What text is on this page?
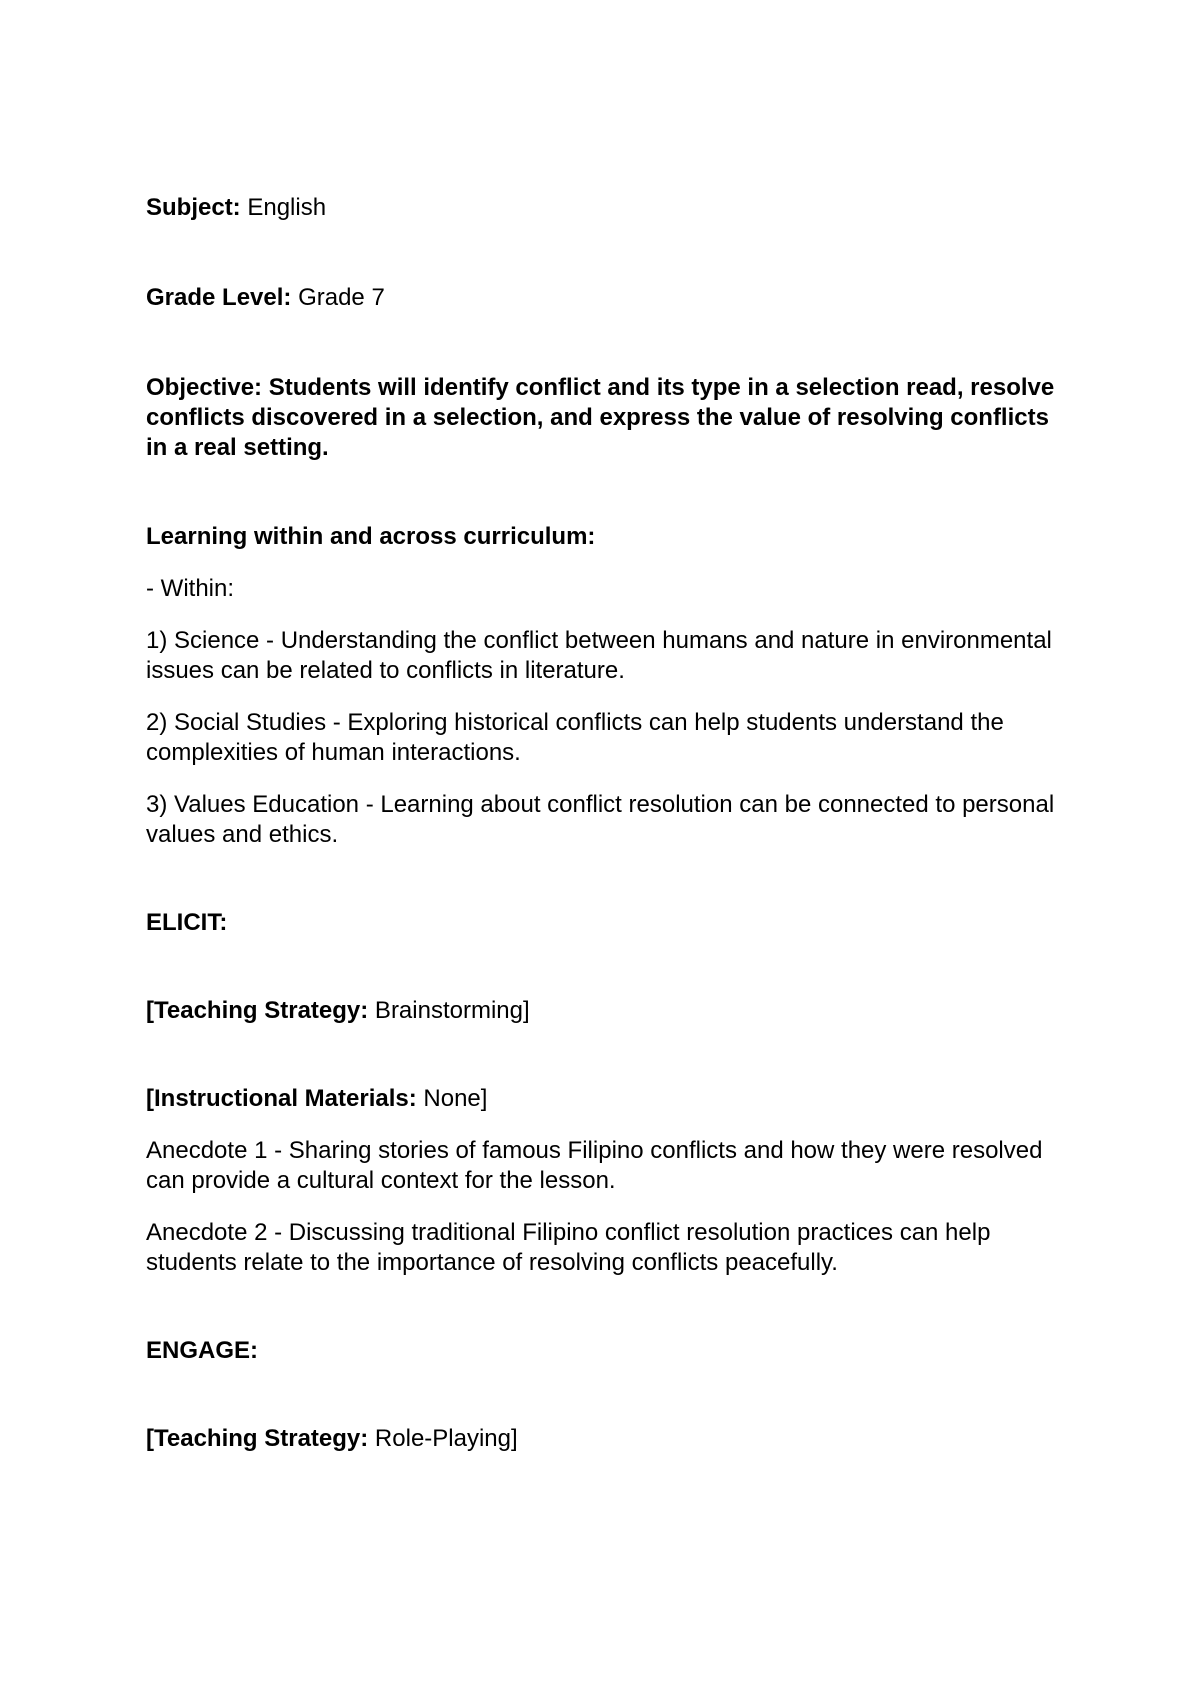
Subject: English

Grade Level: Grade 7

Objective: Students will identify conflict and its type in a selection read, resolve conflicts discovered in a selection, and express the value of resolving conflicts in a real setting.

Learning within and across curriculum:

- Within:

1) Science - Understanding the conflict between humans and nature in environmental issues can be related to conflicts in literature.

2) Social Studies - Exploring historical conflicts can help students understand the complexities of human interactions.

3) Values Education - Learning about conflict resolution can be connected to personal values and ethics.

ELICIT:

[Teaching Strategy: Brainstorming]

[Instructional Materials: None]

Anecdote 1 - Sharing stories of famous Filipino conflicts and how they were resolved can provide a cultural context for the lesson.

Anecdote 2 - Discussing traditional Filipino conflict resolution practices can help students relate to the importance of resolving conflicts peacefully.

ENGAGE:

[Teaching Strategy: Role-Playing]
